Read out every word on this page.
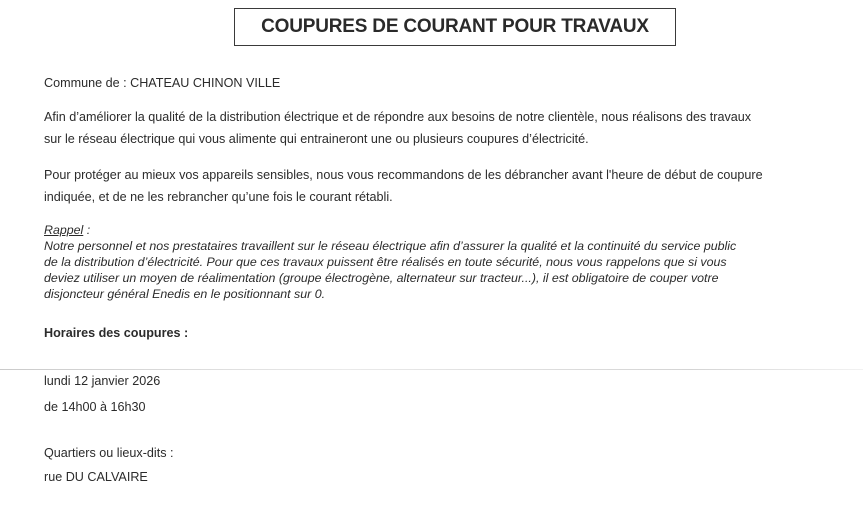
COUPURES DE COURANT POUR TRAVAUX

Commune de : CHATEAU CHINON VILLE

Afin d’améliorer la qualité de la distribution électrique et de répondre aux besoins de notre clientèle, nous réalisons des travaux
sur le réseau électrique qui vous alimente qui entraineront une ou plusieurs coupures d’électricité.
Pour protéger au mieux vos appareils sensibles, nous vous recommandons de les débrancher avant l'heure de début de coupure
indiquée, et de ne les rebrancher qu’une fois le courant rétabli.
Rappel :
Notre personnel et nos prestataires travaillent sur le réseau électrique afin d’assurer la qualité et la continuité du service public
de la distribution d’électricité. Pour que ces travaux puissent être réalisés en toute sécurité, nous vous rappelons que si vous
deviez utiliser un moyen de réalimentation (groupe électrogène, alternateur sur tracteur...), il est obligatoire de couper votre
disjoncteur général Enedis en le positionnant sur 0.
Horaires des coupures :

lundi 12 janvier 2026

de 14h00 à 16h30

Quartiers ou lieux-dits :

rue DU CALVAIRE
